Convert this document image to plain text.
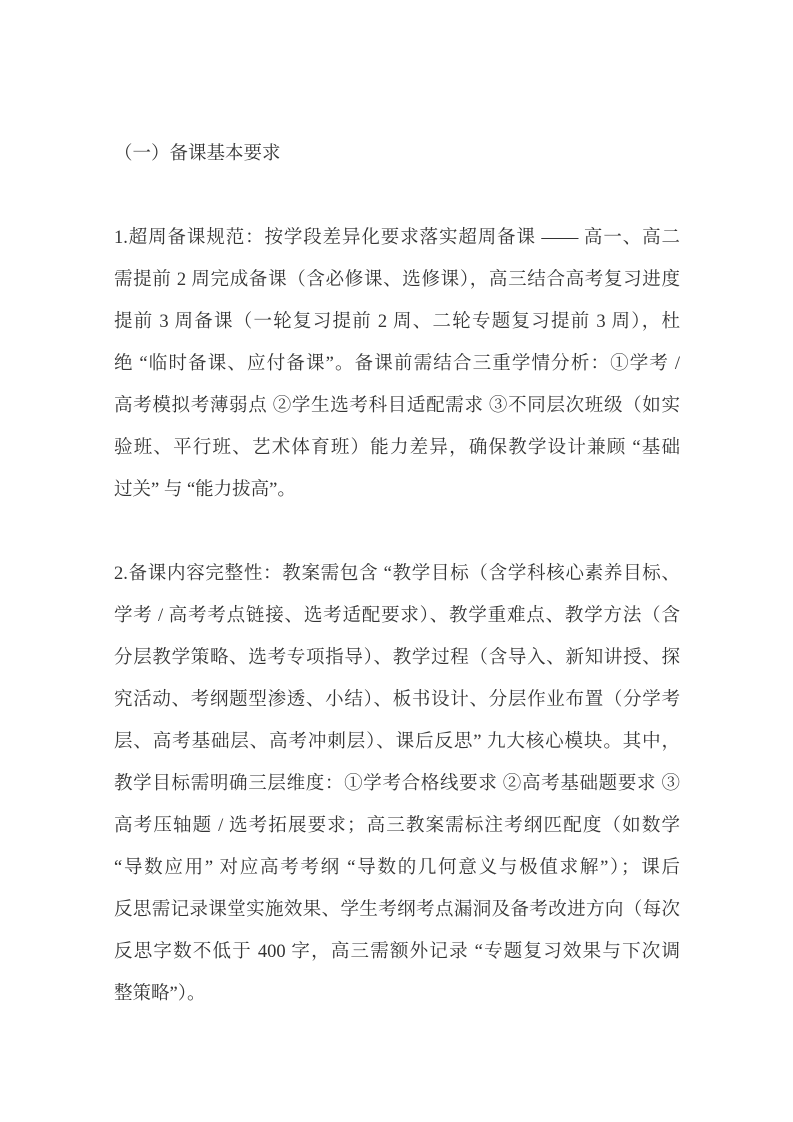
（一）备课基本要求
1.超周备课规范：按学段差异化要求落实超周备课 —— 高一、高二
需提前 2 周完成备课（含必修课、选修课），高三结合高考复习进度
提前 3 周备课（一轮复习提前 2 周、二轮专题复习提前 3 周），杜
绝 “临时备课、应付备课”。备课前需结合三重学情分析：①学考 /
高考模拟考薄弱点 ②学生选考科目适配需求 ③不同层次班级（如实
验班、平行班、艺术体育班）能力差异，确保教学设计兼顾 “基础
过关” 与 “能力拔高”。
2.备课内容完整性：教案需包含 “教学目标（含学科核心素养目标、
学考 / 高考考点链接、选考适配要求）、教学重难点、教学方法（含
分层教学策略、选考专项指导）、教学过程（含导入、新知讲授、探
究活动、考纲题型渗透、小结）、板书设计、分层作业布置（分学考
层、高考基础层、高考冲刺层）、课后反思” 九大核心模块。其中，
教学目标需明确三层维度：①学考合格线要求 ②高考基础题要求 ③
高考压轴题 / 选考拓展要求；高三教案需标注考纲匹配度（如数学
“导数应用” 对应高考考纲 “导数的几何意义与极值求解”）；课后
反思需记录课堂实施效果、学生考纲考点漏洞及备考改进方向（每次
反思字数不低于 400 字，高三需额外记录 “专题复习效果与下次调
整策略”）。
